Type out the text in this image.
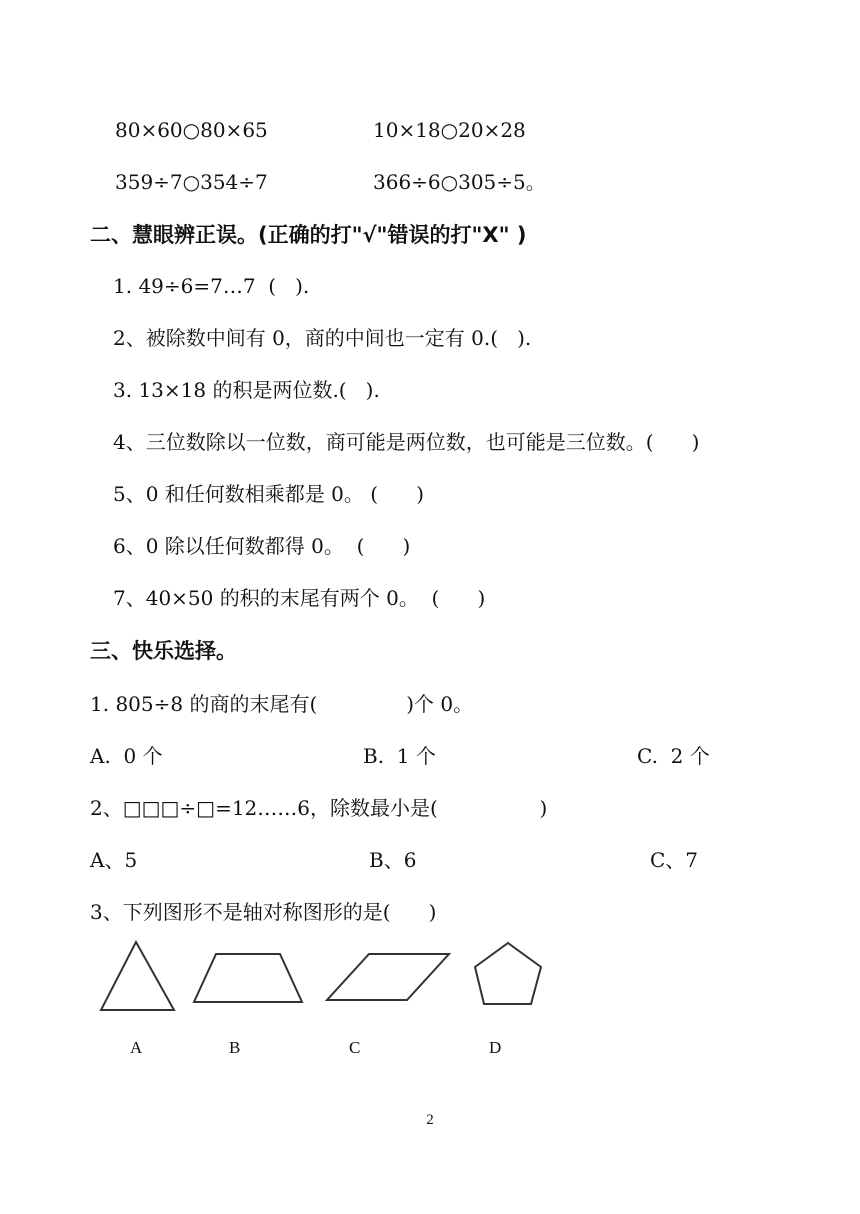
80×60○80×65	10×18○20×28
359÷7○354÷7	366÷6○305÷5。
二、慧眼辨正误。(正确的打"√"错误的打"X" )
1. 49÷6=7…7  (   ).
2、被除数中间有 0，商的中间也一定有 0.(   ).
3. 13×18 的积是两位数.(   ).
4、三位数除以一位数，商可能是两位数，也可能是三位数。(      )
5、0 和任何数相乘都是 0。 (      )
6、0 除以任何数都得 0。  (      )
7、40×50 的积的末尾有两个 0。  (      )
三、快乐选择。
1. 805÷8 的商的末尾有(              )个 0。
A.  0 个	B.  1 个	C.  2 个
2、□□□÷□=12……6，除数最小是(                )
A、5	B、6	C、7
3、下列图形不是轴对称图形的是(      )
A	B	C	D
2
